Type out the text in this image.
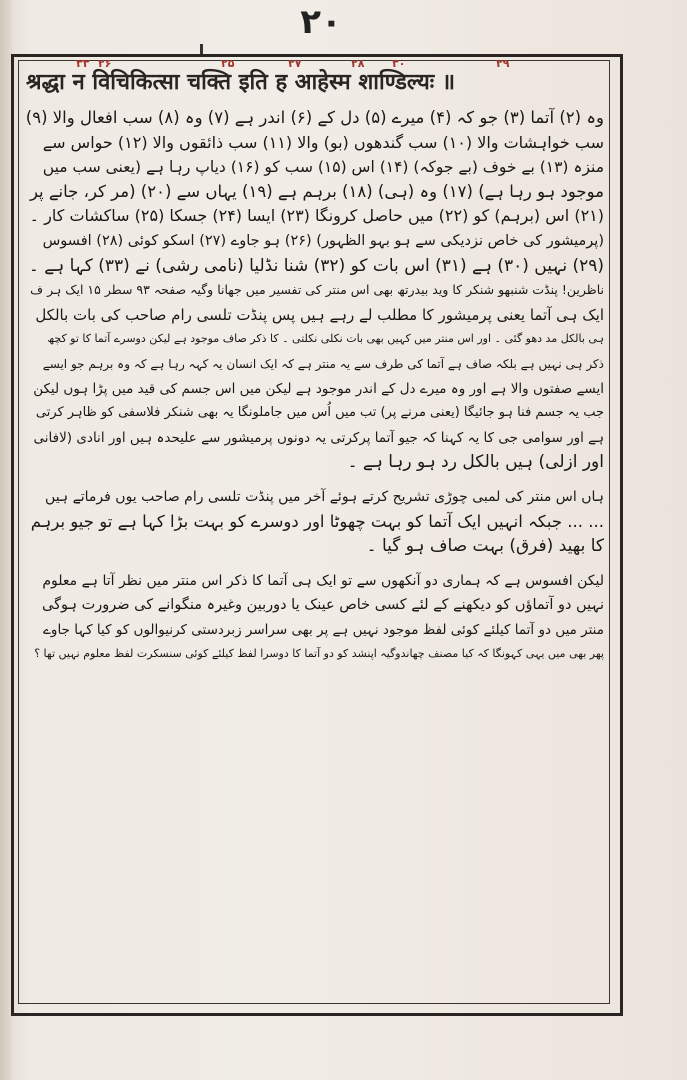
۲۰
۳۳ ۲۶	۲۵	۲۷	۲۸	۳۰	۲۹
श्रद्धा न विचिकित्सा चक्ति इति ह आहेस्म शाण्डिल्यः ॥
وہ (۲) آتما (۳) جو کہ (۴) میرے (۵) دل کے (۶) اندر ہے (۷) وہ (۸) سب افعال والا (۹)
سب خواہشات والا (۱۰) سب گندھوں (بو) والا (۱۱) سب ذائقوں والا (۱۲) حواس سے
منزہ (۱۳) بے خوف (بے جوکہ) (۱۴) اس (۱۵) سب کو (۱۶) دیاپ رہا ہے (یعنی سب میں
موجود ہو رہا ہے) (۱۷) وہ (ہی) (۱۸) برہم ہے (۱۹) یہاں سے (۲۰) (مر کر، جانے پر
(۲۱) اس (برہم) کو (۲۲) میں حاصل کرونگا (۲۳) ایسا (۲۴) جسکا (۲۵) ساکشات کار ۔
(پرمیشور کی خاص نزدیکی سے ہو بہو الظہور) (۲۶) ہو جاوے (۲۷) اسکو کوئی (۲۸) افسوس
(۲۹) نہیں (۳۰) ہے (۳۱) اس بات کو (۳۲) شنا نڈلیا (نامی رشی) نے (۳۳) کہا ہے ۔
ناظرین! پنڈت شنبھو شنکر کا وید بیدرتھ بھی اس منتر کی تفسیر میں جھانا وگیہ صفحہ ۹۳ سطر ۱۵ ایک ہر ف
ایک ہی آتما یعنی پرمیشور کا مطلب لے رہے ہیں پس پنڈت تلسی رام صاحب کی بات بالکل
ہی بالکل مد دھو گئی ۔ اور اس منتر میں کہیں بھی بات نکلی نکلتی ۔ کا ذکر صاف موجود ہے لیکن دوسرے آتما کا تو کچھ
ذکر ہی نہیں ہے بلکہ صاف ہے آتما کی طرف سے یہ منتر ہے کہ ایک انسان یہ کہہ رہا ہے کہ وہ برہم جو ایسے
ایسے صفتوں والا ہے اور وہ میرے دل کے اندر موجود ہے لیکن میں اس جسم کی قید میں پڑا ہوں لیکن
جب یہ جسم فنا ہو جائیگا (یعنی مرنے پر) تب میں اُس میں جاملونگا یہ بھی شنکر فلاسفی کو ظاہر کرتی
ہے اور سوامی جی کا یہ کہنا کہ جیو آتما پرکرتی یہ دونوں پرمیشور سے علیحدہ ہیں اور انادی (لافانی
اور ازلی) ہیں بالکل رد ہو رہا ہے ۔
ہاں اس منتر کی لمبی چوڑی تشریح کرتے ہوئے آخر میں پنڈت تلسی رام صاحب یوں فرماتے ہیں
... ... جبکہ انہیں ایک آتما کو بہت چھوٹا اور دوسرے کو بہت بڑا کہا ہے تو جیو برہم
کا بھید (فرق) بہت صاف ہو گیا ۔
لیکن افسوس ہے کہ ہماری دو آنکھوں سے تو ایک ہی آتما کا ذکر اس منتر میں نظر آتا ہے معلوم
نہیں دو آتماؤں کو دیکھنے کے لئے کسی خاص عینک یا دوربین وغیرہ منگوانے کی ضرورت ہوگی
منتر میں دو آتما کیلئے کوئی لفظ موجود نہیں ہے پر بھی سراسر زبردستی کرنیوالوں کو کیا کہا جاوے
پھر بھی میں یہی کہونگا کہ کیا مصنف چھاندوگیہ اپنشد کو دو آتما کا دوسرا لفظ کیلئے کوئی سنسکرت لفظ معلوم نہیں تھا ؟
